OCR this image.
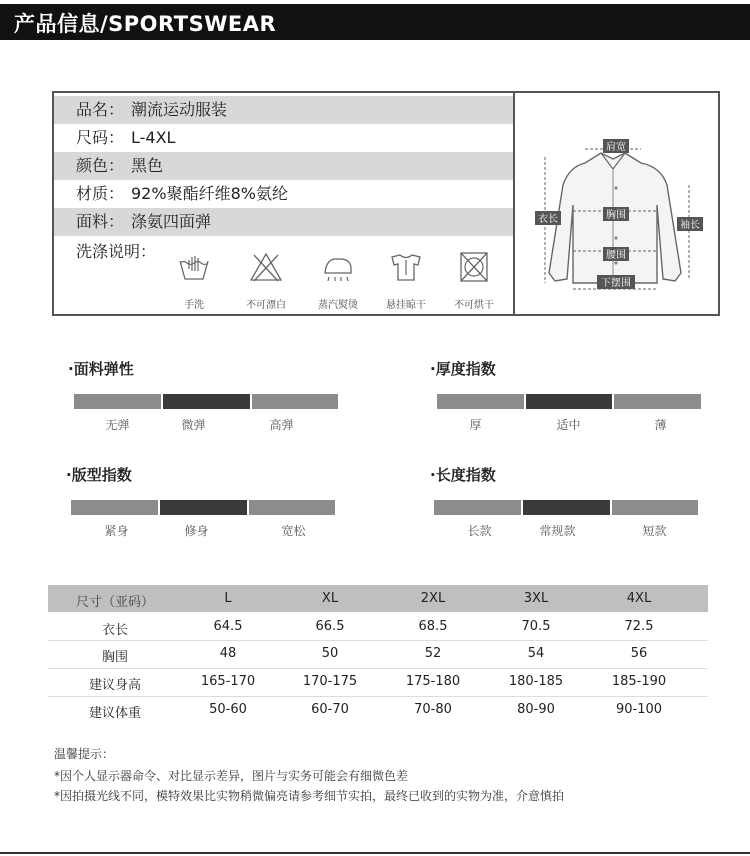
产品信息/SPORTSWEAR
品名： 潮流运动服装
尺码： L-4XL
颜色： 黑色
材质： 92%聚酯纤维8%氨纶
面料： 涤氨四面弹
洗涤说明：
手洗	不可漂白	蒸汽熨烫	悬挂晾干	不可烘干
肩宽
衣长	胸围
袖长
腰围
下摆围
·面料弹性
无弹	微弹	高弹
·厚度指数
厚	适中	薄
·版型指数
紧身	修身	宽松
·长度指数
长款	常规款	短款
尺寸（亚码）	L	XL	2XL	3XL	4XL
衣长	64.5	66.5	68.5	70.5	72.5
胸围	48	50	52	54	56
建议身高	165-170	170-175	175-180	180-185	185-190
建议体重	50-60	60-70	70-80	80-90	90-100
温馨提示：
*因个人显示器命令、对比显示差异，图片与实务可能会有细微色差
*因拍摄光线不同，模特效果比实物稍微偏亮请参考细节实拍，最终已收到的实物为准，介意慎拍
